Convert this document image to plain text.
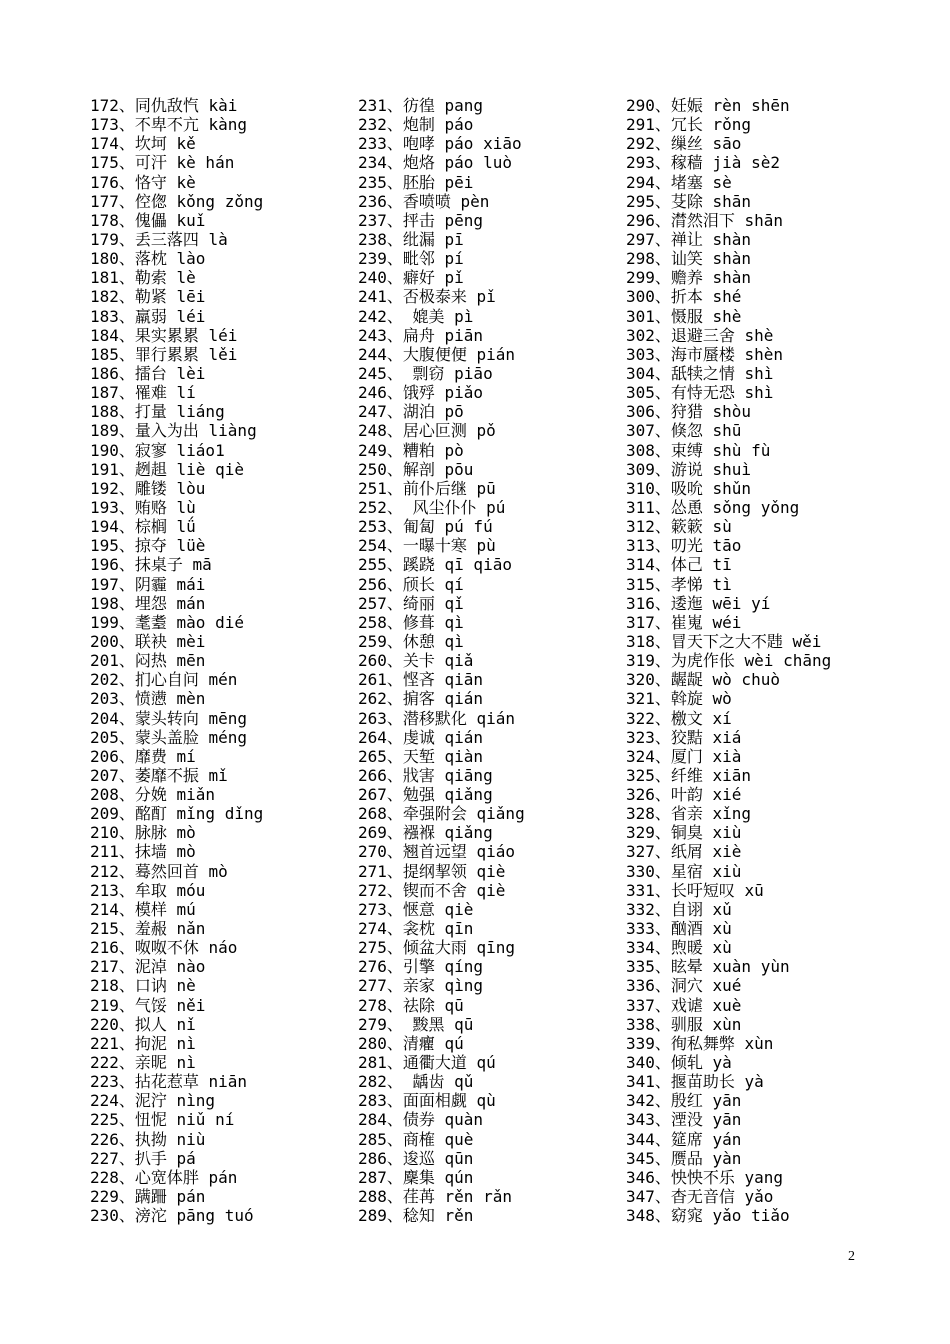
172、同仇敌忾 kài
173、不卑不亢 kàng
174、坎坷 kě
175、可汗 kè hán
176、恪守 kè
177、倥偬 kǒng zǒng
178、傀儡 kuǐ
179、丢三落四 là
180、落枕 lào
181、勒索 lè
182、勒紧 lēi
183、羸弱 léi
184、果实累累 léi
185、罪行累累 lěi
186、擂台 lèi
187、罹难 lí
188、打量 liáng
189、量入为出 liàng
190、寂寥 liáo1
191、趔趄 liè qiè
192、雕镂 lòu
193、贿赂 lù
194、棕榈 lǘ
195、掠夺 lüè
196、抹桌子 mā
197、阴霾 mái
198、埋怨 mán
199、耄耋 mào dié
200、联袂 mèi
201、闷热 mēn
202、扪心自问 mén
203、愤懑 mèn
204、蒙头转向 mēng
205、蒙头盖脸 méng
206、靡费 mí
207、萎靡不振 mǐ
208、分娩 miǎn
209、酩酊 mǐng dǐng
210、脉脉 mò
211、抹墙 mò
212、蓦然回首 mò
213、牟取 móu
214、模样 mú
215、羞赧 nǎn
216、呶呶不休 náo
217、泥淖 nào
218、口讷 nè
219、气馁 něi
220、拟人 nǐ
221、拘泥 nì
222、亲昵 nì
223、拈花惹草 niān
224、泥泞 nìng
225、忸怩 niǔ ní
226、执拗 niù
227、扒手 pá
228、心宽体胖 pán
229、蹒跚 pán
230、滂沱 pāng tuó
231、彷徨 pang
232、炮制 páo
233、咆哮 páo xiāo
234、炮烙 páo luò
235、胚胎 pēi
236、香喷喷 pèn
237、抨击 pēng
238、纰漏 pī
239、毗邻 pí
240、癖好 pǐ
241、否极泰来 pǐ
242、 媲美 pì
243、扁舟 piān
244、大腹便便 pián
245、 剽窃 piāo
246、饿殍 piǎo
247、湖泊 pō
248、居心叵测 pǒ
249、糟粕 pò
250、解剖 pōu
251、前仆后继 pū
252、 风尘仆仆 pú
253、匍匐 pú fú
254、一曝十寒 pù
255、蹊跷 qī qiāo
256、颀长 qí
257、绮丽 qǐ
258、修葺 qì
259、休憩 qì
260、关卡 qiǎ
261、悭吝 qiān
262、掮客 qián
263、潜移默化 qián
264、虔诚 qián
265、天堑 qiàn
266、戕害 qiāng
267、勉强 qiǎng
268、牵强附会 qiǎng
269、襁褓 qiǎng
270、翘首远望 qiáo
271、提纲挈领 qiè
272、锲而不舍 qiè
273、惬意 qiè
274、衾枕 qīn
275、倾盆大雨 qīng
276、引擎 qíng
277、亲家 qìng
278、祛除 qū
279、 黢黑 qū
280、清癯 qú
281、通衢大道 qú
282、 龋齿 qǔ
283、面面相觑 qù
284、债券 quàn
285、商榷 què
286、逡巡 qūn
287、麇集 qún
288、荏苒 rěn rǎn
289、稔知 rěn
290、妊娠 rèn shēn
291、冗长 rǒng
292、缫丝 sāo
293、稼穑 jià sè2
294、堵塞 sè
295、芟除 shān
296、潸然泪下 shān
297、禅让 shàn
298、讪笑 shàn
299、赡养 shàn
300、折本 shé
301、慑服 shè
302、退避三舍 shè
303、海市蜃楼 shèn
304、舐犊之情 shì
305、有恃无恐 shì
306、狩猎 shòu
307、倏忽 shū
308、束缚 shù fù
309、游说 shuì
310、吸吮 shǔn
311、怂恿 sǒng yǒng
312、簌簌 sù
313、叨光 tāo
314、体己 tī
315、孝悌 tì
316、逶迤 wēi yí
317、崔嵬 wéi
318、冒天下之大不韪 wěi
319、为虎作伥 wèi chāng
320、龌龊 wò chuò
321、斡旋 wò
322、檄文 xí
323、狡黠 xiá
324、厦门 xià
325、纤维 xiān
326、叶韵 xié
328、省亲 xǐng
329、铜臭 xiù
327、纸屑 xiè
330、星宿 xiù
331、长吁短叹 xū
332、自诩 xǔ
333、酗酒 xù
334、煦暖 xù
335、眩晕 xuàn yùn
336、洞穴 xué
337、戏谑 xuè
338、驯服 xùn
339、徇私舞弊 xùn
340、倾轧 yà
341、揠苗助长 yà
342、殷红 yān
343、湮没 yān
344、筵席 yán
345、赝品 yàn
346、怏怏不乐 yang
347、杳无音信 yǎo
348、窈窕 yǎo tiǎo
2
